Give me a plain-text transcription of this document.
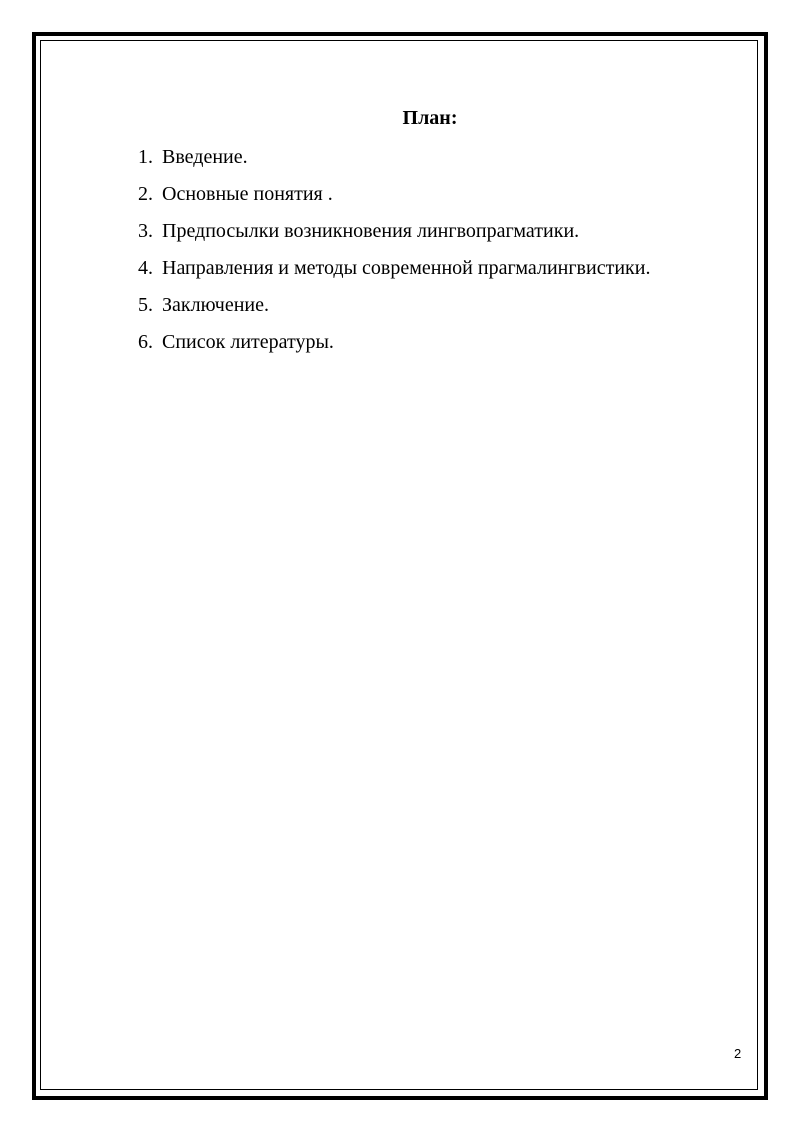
План:
1. Введение.
2. Основные понятия .
3. Предпосылки возникновения лингвопрагматики.
4. Направления и методы современной прагмалингвистики.
5. Заключение.
6. Список литературы.
2
